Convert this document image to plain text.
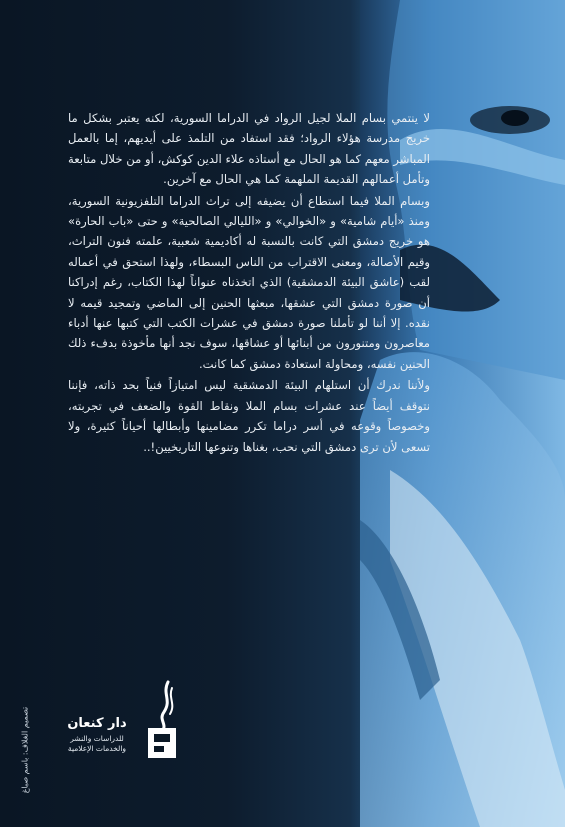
لا ينتمي بسام الملا لجيل الرواد في الدراما السورية، لكنه يعتبر بشكل ما خريج مدرسة هؤلاء الرواد؛ فقد استفاد من التلمذ على أيديهم، إما بالعمل المباشر معهم كما هو الحال مع أستاذه علاء الدين كوكش، أو من خلال متابعة وتأمل أعمالهم القديمة الملهمة كما هي الحال مع آخرين.

وبسام الملا فيما استطاع أن يضيفه إلى تراث الدراما التلفزيونية السورية، ومنذ «أيام شامية» و «الخوالي» و «الليالي الصالحية» و حتى «باب الحارة» هو خريج دمشق التي كانت بالنسبة له أكاديمية شعبية، علمته فنون التراث، وقيم الأصالة، ومعنى الاقتراب من الناس البسطاء، ولهذا استحق في أعماله لقب (عاشق البيئة الدمشقية) الذي اتخذناه عنواناً لهذا الكتاب، رغم إدراكنا أن صورة دمشق التي عشقها، مبعثها الحنين إلى الماضي وتمجيد قيمه لا نقده. إلا أننا لو تأملنا صورة دمشق في عشرات الكتب التي كتبها عنها أدباء معاصرون ومتنورون من أبنائها أو عشاقها، سوف نجد أنها مأخوذة بدفء ذلك الحنين نفسه، ومحاولة استعادة دمشق كما كانت.

ولأننا ندرك أن استلهام البيئة الدمشقية ليس امتيازاً فنياً بحد ذاته، فإننا نتوقف أيضاً عند عشرات بسام الملا ونقاط القوة والضعف في تجربته، وخصوصاً وقوعه في أسر دراما تكرر مضامينها وأبطالها أحياناً كثيرة، ولا تسعى لأن ترى دمشق التي نحب، بغناها وتنوعها التاريخيين!..

تصميم الغلاف: باسم صباغ	دار كنعان
للدراسات والنشر
والخدمات الإعلامية
